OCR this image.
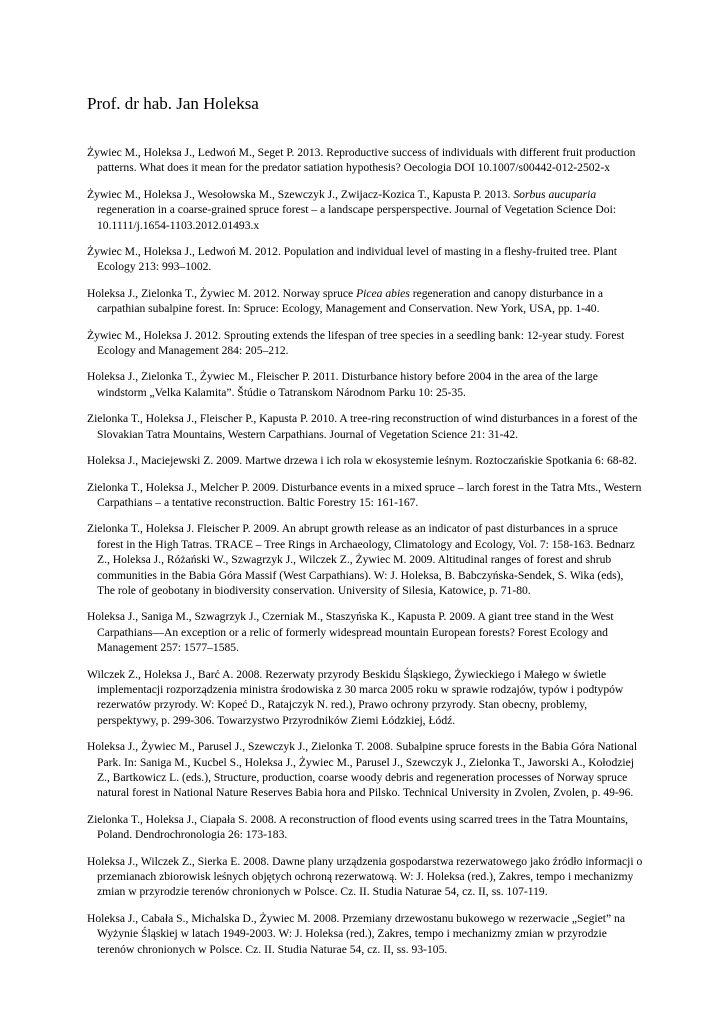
Prof. dr hab. Jan Holeksa
Żywiec M., Holeksa J., Ledwoń M., Seget P. 2013. Reproductive success of individuals with different fruit production patterns. What does it mean for the predator satiation hypothesis? Oecologia DOI 10.1007/s00442-012-2502-x
Żywiec M., Holeksa J., Wesołowska M., Szewczyk J., Zwijacz-Kozica T., Kapusta P. 2013. Sorbus aucuparia regeneration in a coarse-grained spruce forest – a landscape persperspective. Journal of Vegetation Science Doi: 10.1111/j.1654-1103.2012.01493.x
Żywiec M., Holeksa J., Ledwoń M. 2012. Population and individual level of masting in a fleshy-fruited tree. Plant Ecology 213: 993–1002.
Holeksa J., Zielonka T., Żywiec M. 2012. Norway spruce Picea abies regeneration and canopy disturbance in a carpathian subalpine forest. In: Spruce: Ecology, Management and Conservation. New York, USA, pp. 1-40.
Żywiec M., Holeksa J. 2012. Sprouting extends the lifespan of tree species in a seedling bank: 12-year study. Forest Ecology and Management 284: 205–212.
Holeksa J., Zielonka T., Żywiec M., Fleischer P. 2011. Disturbance history before 2004 in the area of the large windstorm „Velka Kalamita”. Štúdie o Tatranskom Národnom Parku 10: 25-35.
Zielonka T., Holeksa J., Fleischer P., Kapusta P. 2010. A tree-ring reconstruction of wind disturbances in a forest of the Slovakian Tatra Mountains, Western Carpathians. Journal of Vegetation Science 21: 31-42.
Holeksa J., Maciejewski Z. 2009. Martwe drzewa i ich rola w ekosystemie leśnym. Roztoczańskie Spotkania 6: 68-82.
Zielonka T., Holeksa J., Melcher P. 2009. Disturbance events in a mixed spruce – larch forest in the Tatra Mts., Western Carpathians – a tentative reconstruction. Baltic Forestry 15: 161-167.
Zielonka T., Holeksa J. Fleischer P. 2009. An abrupt growth release as an indicator of past disturbances in a spruce forest in the High Tatras. TRACE – Tree Rings in Archaeology, Climatology and Ecology, Vol. 7: 158-163. Bednarz Z., Holeksa J., Różański W., Szwagrzyk J., Wilczek Z., Żywiec M. 2009. Altitudinal ranges of forest and shrub communities in the Babia Góra Massif (West Carpathians). W: J. Holeksa, B. Babczyńska-Sendek, S. Wika (eds), The role of geobotany in biodiversity conservation. University of Silesia, Katowice, p. 71-80.
Holeksa J., Saniga M., Szwagrzyk J., Czerniak M., Staszyńska K., Kapusta P. 2009. A giant tree stand in the West Carpathians—An exception or a relic of formerly widespread mountain European forests? Forest Ecology and Management 257: 1577–1585.
Wilczek Z., Holeksa J., Barć A. 2008. Rezerwaty przyrody Beskidu Śląskiego, Żywieckiego i Małego w świetle implementacji rozporządzenia ministra środowiska z 30 marca 2005 roku w sprawie rodzajów, typów i podtypów rezerwatów przyrody. W: Kopeć D., Ratajczyk N. red.), Prawo ochrony przyrody. Stan obecny, problemy, perspektywy, p. 299-306. Towarzystwo Przyrodników Ziemi Łódzkiej, Łódź.
Holeksa J., Żywiec M., Parusel J., Szewczyk J., Zielonka T. 2008. Subalpine spruce forests in the Babia Góra National Park. In: Saniga M., Kucbel S., Holeksa J., Żywiec M., Parusel J., Szewczyk J., Zielonka T., Jaworski A., Kołodziej Z., Bartkowicz L. (eds.), Structure, production, coarse woody debris and regeneration processes of Norway spruce natural forest in National Nature Reserves Babia hora and Pilsko. Technical University in Zvolen, Zvolen, p. 49-96.
Zielonka T., Holeksa J., Ciapała S. 2008. A reconstruction of flood events using scarred trees in the Tatra Mountains, Poland. Dendrochronologia 26: 173-183.
Holeksa J., Wilczek Z., Sierka E. 2008. Dawne plany urządzenia gospodarstwa rezerwatowego jako źródło informacji o przemianach zbiorowisk leśnych objętych ochroną rezerwatową. W: J. Holeksa (red.), Zakres, tempo i mechanizmy zmian w przyrodzie terenów chronionych w Polsce. Cz. II. Studia Naturae 54, cz. II, ss. 107-119.
Holeksa J., Cabała S., Michalska D., Żywiec M. 2008. Przemiany drzewostanu bukowego w rezerwacie „Segiet” na Wyżynie Śląskiej w latach 1949-2003. W: J. Holeksa (red.), Zakres, tempo i mechanizmy zmian w przyrodzie terenów chronionych w Polsce. Cz. II. Studia Naturae 54, cz. II, ss. 93-105.
